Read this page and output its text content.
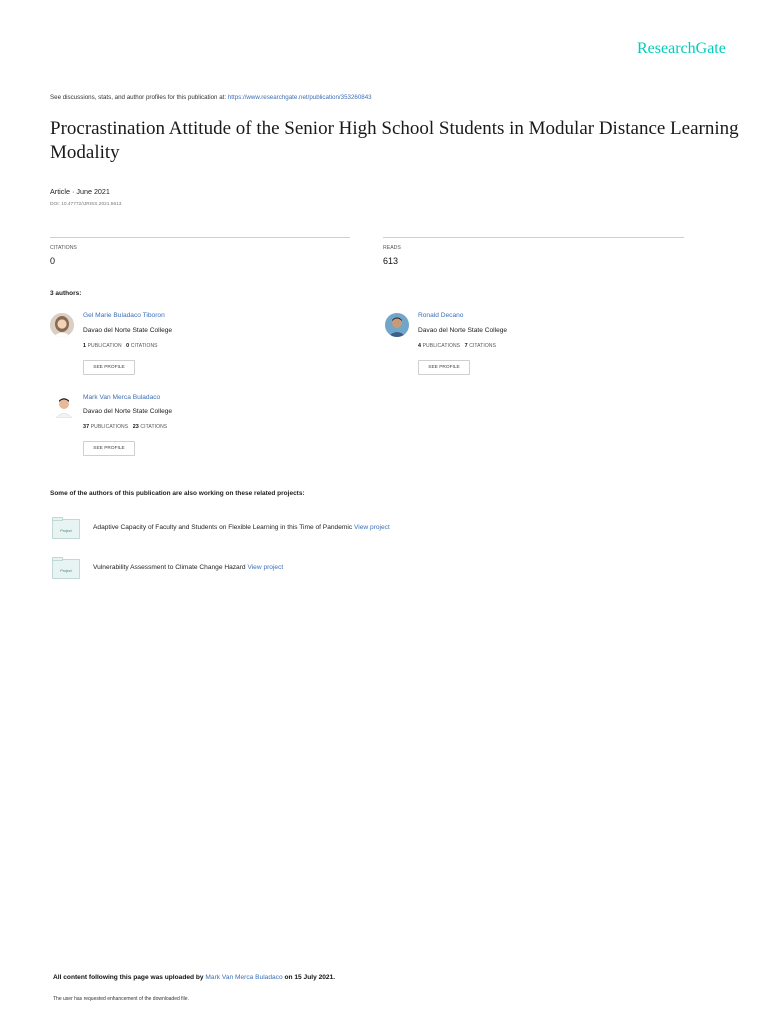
ResearchGate
See discussions, stats, and author profiles for this publication at: https://www.researchgate.net/publication/353260843
Procrastination Attitude of the Senior High School Students in Modular Distance Learning Modality
Article · June 2021
DOI: 10.47772/IJRISS.2021.5613
CITATIONS
0
READS
613
3 authors:
Gel Marie Buladaco Tiboron
Davao del Norte State College
1 PUBLICATION 0 CITATIONS
SEE PROFILE
Ronald Decano
Davao del Norte State College
4 PUBLICATIONS 7 CITATIONS
SEE PROFILE
Mark Van Merca Buladaco
Davao del Norte State College
37 PUBLICATIONS 23 CITATIONS
SEE PROFILE
Some of the authors of this publication are also working on these related projects:
Project	Adaptive Capacity of Faculty and Students on Flexible Learning in this Time of Pandemic View project
Project	Vulnerability Assessment to Climate Change Hazard View project
All content following this page was uploaded by Mark Van Merca Buladaco on 15 July 2021.
The user has requested enhancement of the downloaded file.
